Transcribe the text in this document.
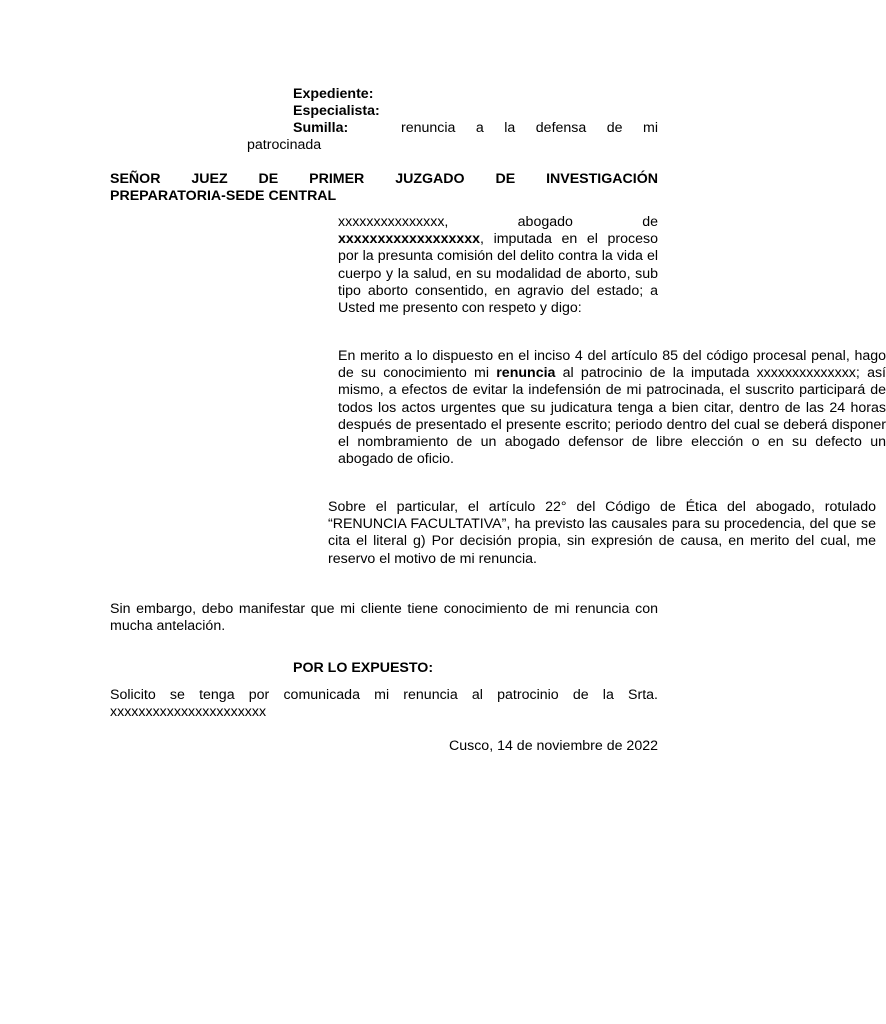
Expediente:
Especialista:
Sumilla:	renuncia a la defensa de mi
patrocinada
SEÑOR JUEZ DE PRIMER JUZGADO DE INVESTIGACIÓN
PREPARATORIA-SEDE CENTRAL
xxxxxxxxxxxxxxx,	abogado de
xxxxxxxxxxxxxxxxxx, imputada en el proceso por la presunta comisión del delito contra la vida el cuerpo y la salud, en su modalidad de aborto, sub tipo aborto consentido, en agravio del estado; a Usted me presento con respeto y digo:
En merito a lo dispuesto en el inciso 4 del artículo 85 del código procesal penal, hago de su conocimiento mi renuncia al patrocinio de la imputada xxxxxxxxxxxxxx; así mismo, a efectos de evitar la indefensión de mi patrocinada, el suscrito participará de todos los actos urgentes que su judicatura tenga a bien citar, dentro de las 24 horas después de presentado el presente escrito; periodo dentro del cual se deberá disponer el nombramiento de un abogado defensor de libre elección o en su defecto un abogado de oficio.
Sobre el particular, el artículo 22° del Código de Ética del abogado, rotulado “RENUNCIA FACULTATIVA”, ha previsto las causales para su procedencia, del que se cita el literal g) Por decisión propia, sin expresión de causa, en merito del cual, me reservo el motivo de mi renuncia.
Sin embargo, debo manifestar que mi cliente tiene conocimiento de mi renuncia con mucha antelación.
POR LO EXPUESTO:
Solicito se tenga por comunicada mi renuncia al patrocinio de la Srta. xxxxxxxxxxxxxxxxxxxxxx
Cusco, 14 de noviembre de 2022
